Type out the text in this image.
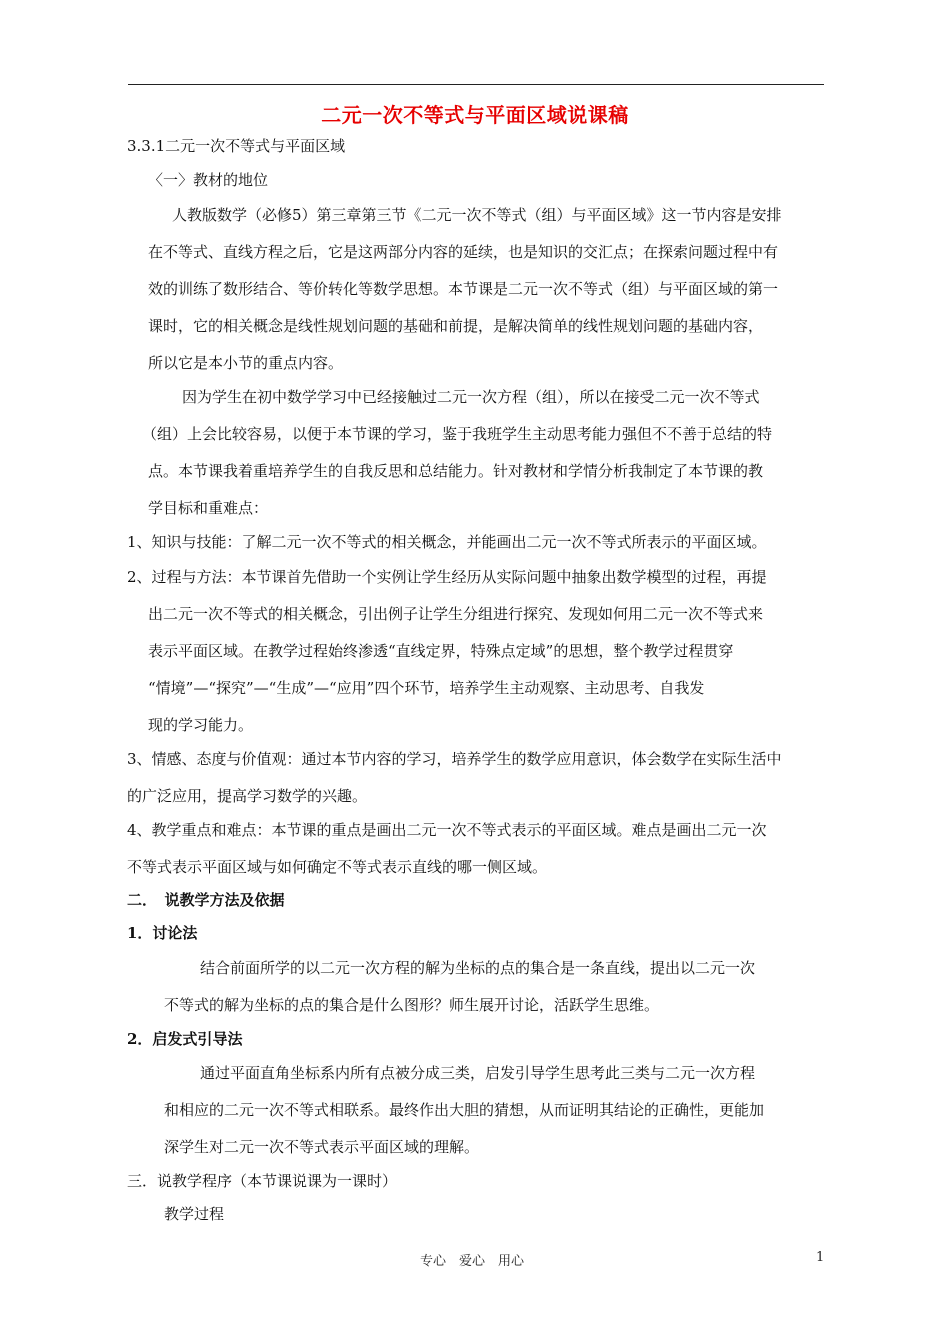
二元一次不等式与平面区域说课稿
3.3.1二元一次不等式与平面区域
〈一〉教材的地位
人教版数学（必修5）第三章第三节《二元一次不等式（组）与平面区域》这一节内容是安排
在不等式、直线方程之后，它是这两部分内容的延续，也是知识的交汇点；在探索问题过程中有
效的训练了数形结合、等价转化等数学思想。本节课是二元一次不等式（组）与平面区域的第一
课时，它的相关概念是线性规划问题的基础和前提，是解决简单的线性规划问题的基础内容，
所以它是本小节的重点内容。
因为学生在初中数学学习中已经接触过二元一次方程（组），所以在接受二元一次不等式
（组）上会比较容易，以便于本节课的学习，鉴于我班学生主动思考能力强但不不善于总结的特
点。本节课我着重培养学生的自我反思和总结能力。针对教材和学情分析我制定了本节课的教
学目标和重难点：
1、知识与技能：了解二元一次不等式的相关概念，并能画出二元一次不等式所表示的平面区域。
2、过程与方法：本节课首先借助一个实例让学生经历从实际问题中抽象出数学模型的过程，再提
出二元一次不等式的相关概念，引出例子让学生分组进行探究、发现如何用二元一次不等式来
表示平面区域。在教学过程始终渗透“直线定界，特殊点定域”的思想，整个教学过程贯穿
“情境”—“探究”—“生成”—“应用”四个环节，培养学生主动观察、主动思考、自我发
现的学习能力。
3、情感、态度与价值观：通过本节内容的学习，培养学生的数学应用意识，体会数学在实际生活中
的广泛应用，提高学习数学的兴趣。
4、教学重点和难点：本节课的重点是画出二元一次不等式表示的平面区域。难点是画出二元一次
不等式表示平面区域与如何确定不等式表示直线的哪一侧区域。
二．　说教学方法及依据
1．讨论法
结合前面所学的以二元一次方程的解为坐标的点的集合是一条直线，提出以二元一次
不等式的解为坐标的点的集合是什么图形？师生展开讨论，活跃学生思维。
2．启发式引导法
通过平面直角坐标系内所有点被分成三类，启发引导学生思考此三类与二元一次方程
和相应的二元一次不等式相联系。最终作出大胆的猜想，从而证明其结论的正确性，更能加
深学生对二元一次不等式表示平面区域的理解。
三．说教学程序（本节课说课为一课时）
教学过程
专心　爱心　用心	1
